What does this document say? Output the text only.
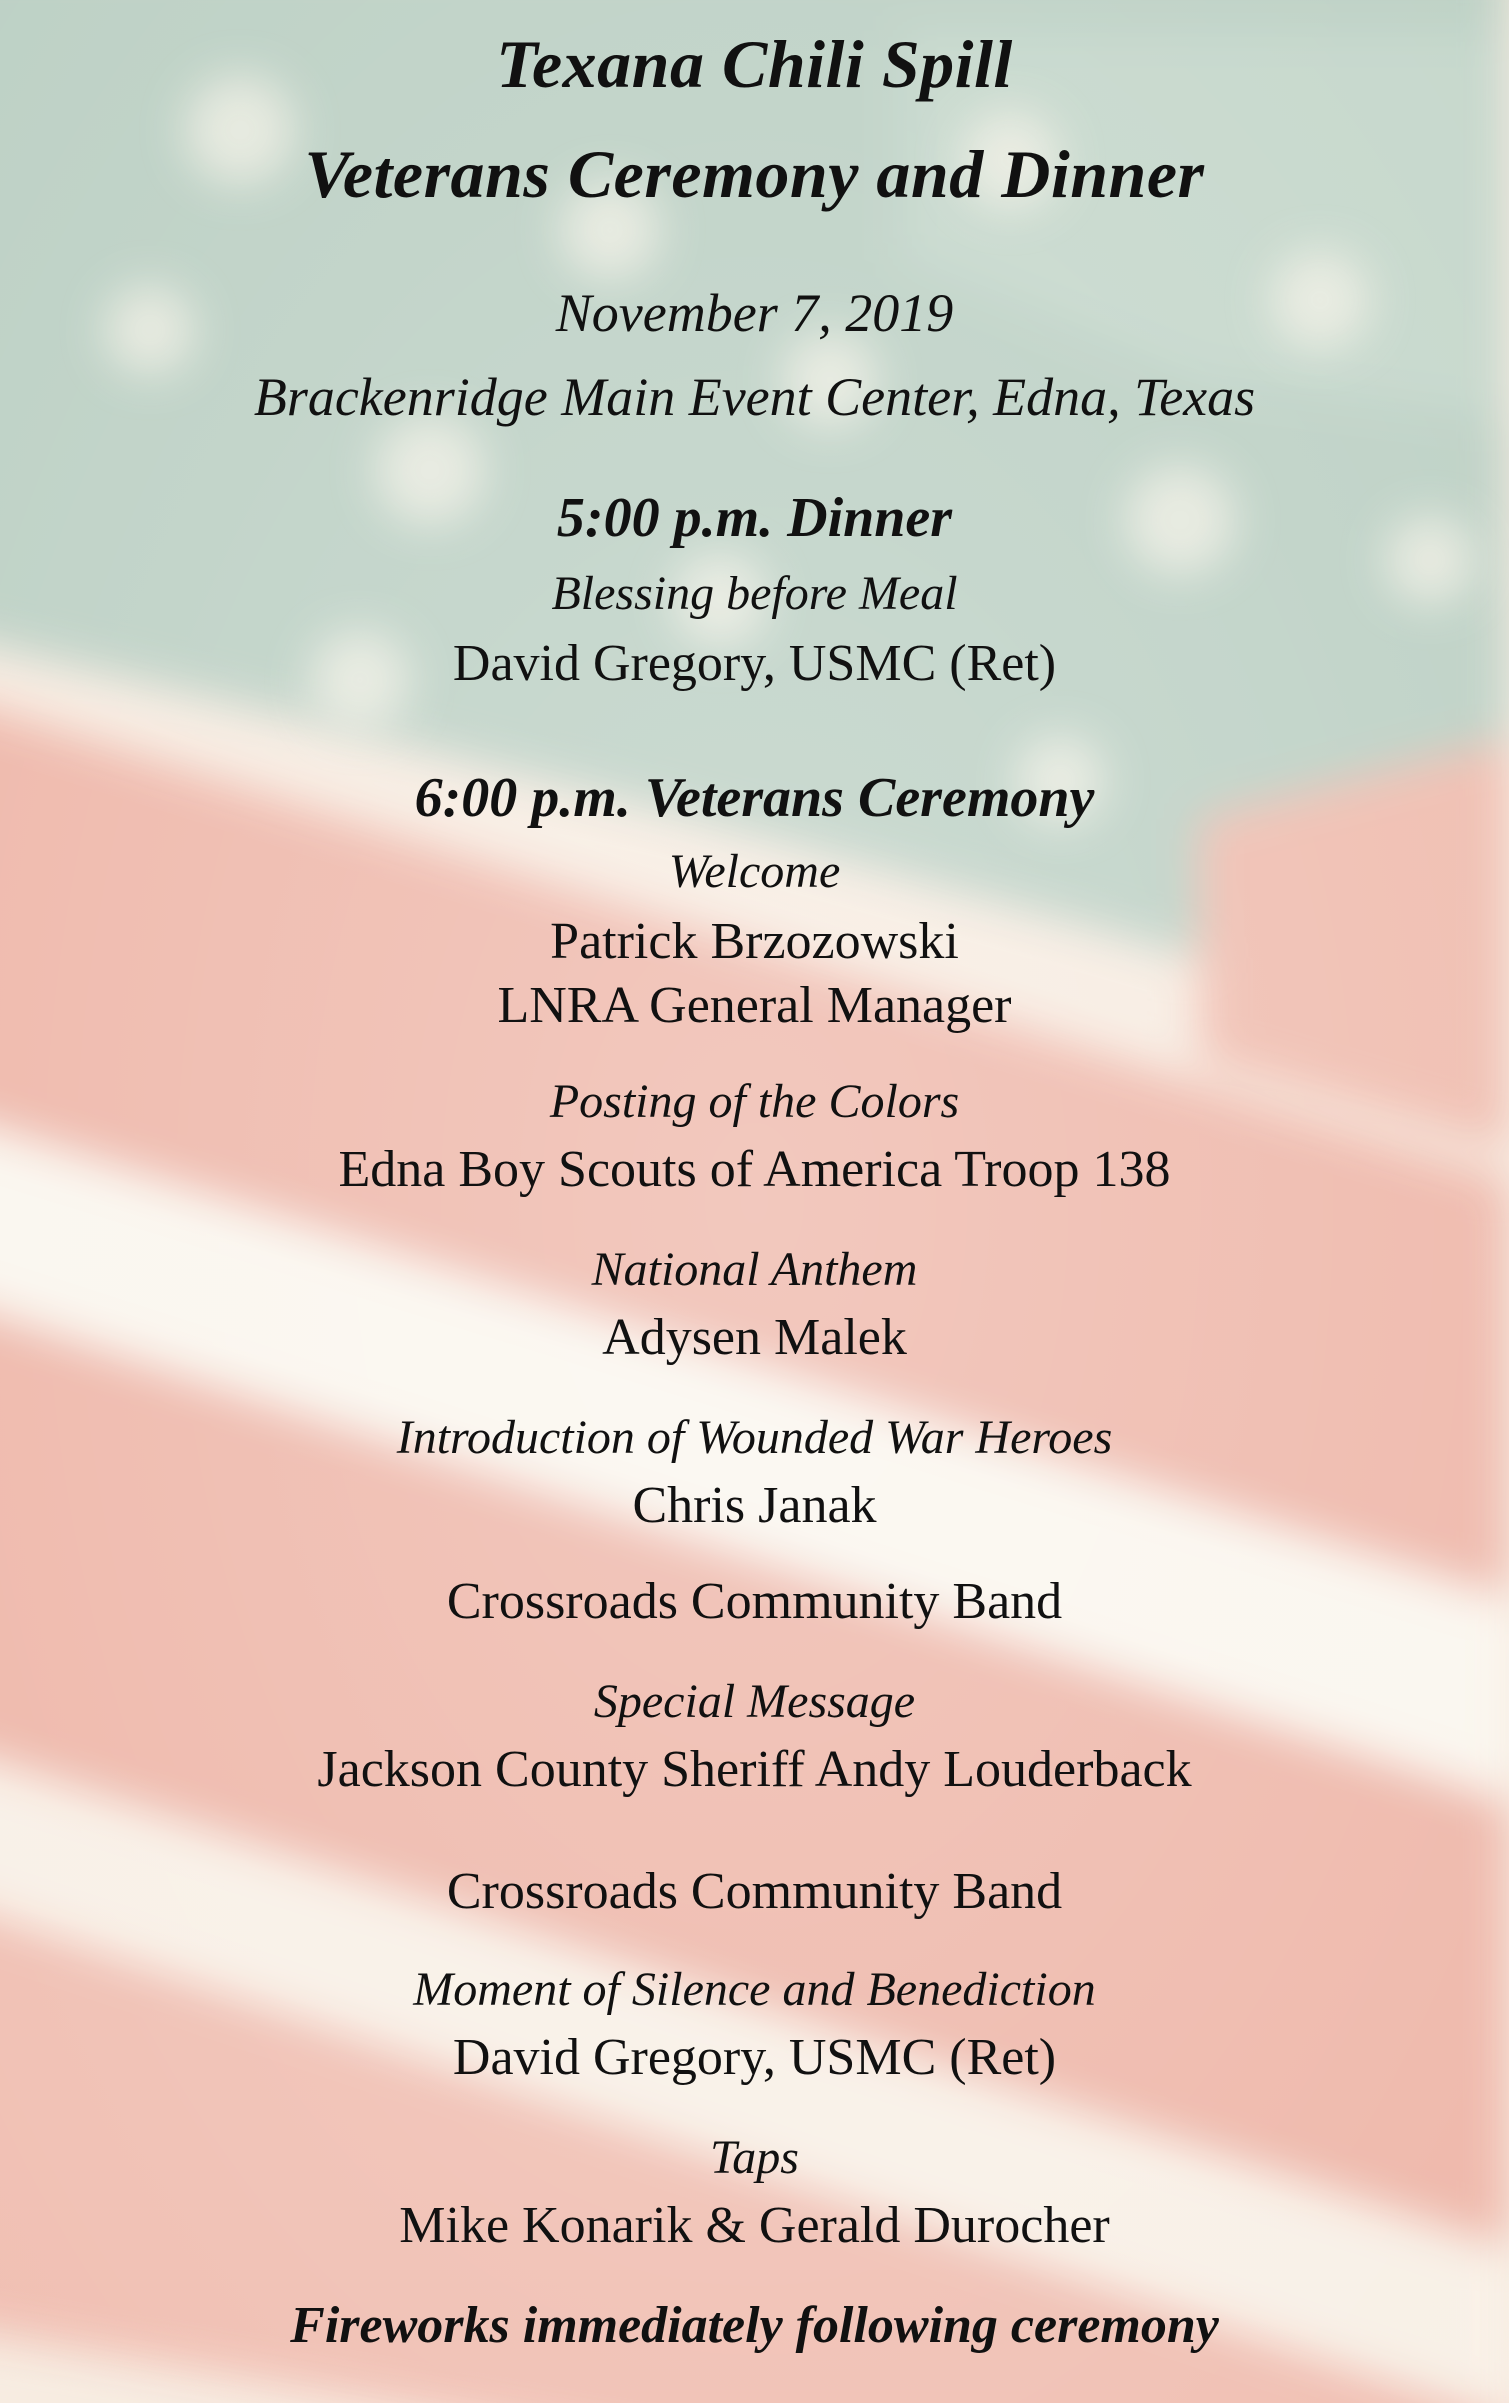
Texana Chili Spill
Veterans Ceremony and Dinner
November 7, 2019
Brackenridge Main Event Center, Edna, Texas
5:00 p.m. Dinner
Blessing before Meal
David Gregory, USMC (Ret)
6:00 p.m. Veterans Ceremony
Welcome
Patrick Brzozowski
LNRA General Manager
Posting of the Colors
Edna Boy Scouts of America Troop 138
National Anthem
Adysen Malek
Introduction of Wounded War Heroes
Chris Janak
Crossroads Community Band
Special Message
Jackson County Sheriff Andy Louderback
Crossroads Community Band
Moment of Silence and Benediction
David Gregory, USMC (Ret)
Taps
Mike Konarik & Gerald Durocher
Fireworks immediately following ceremony
